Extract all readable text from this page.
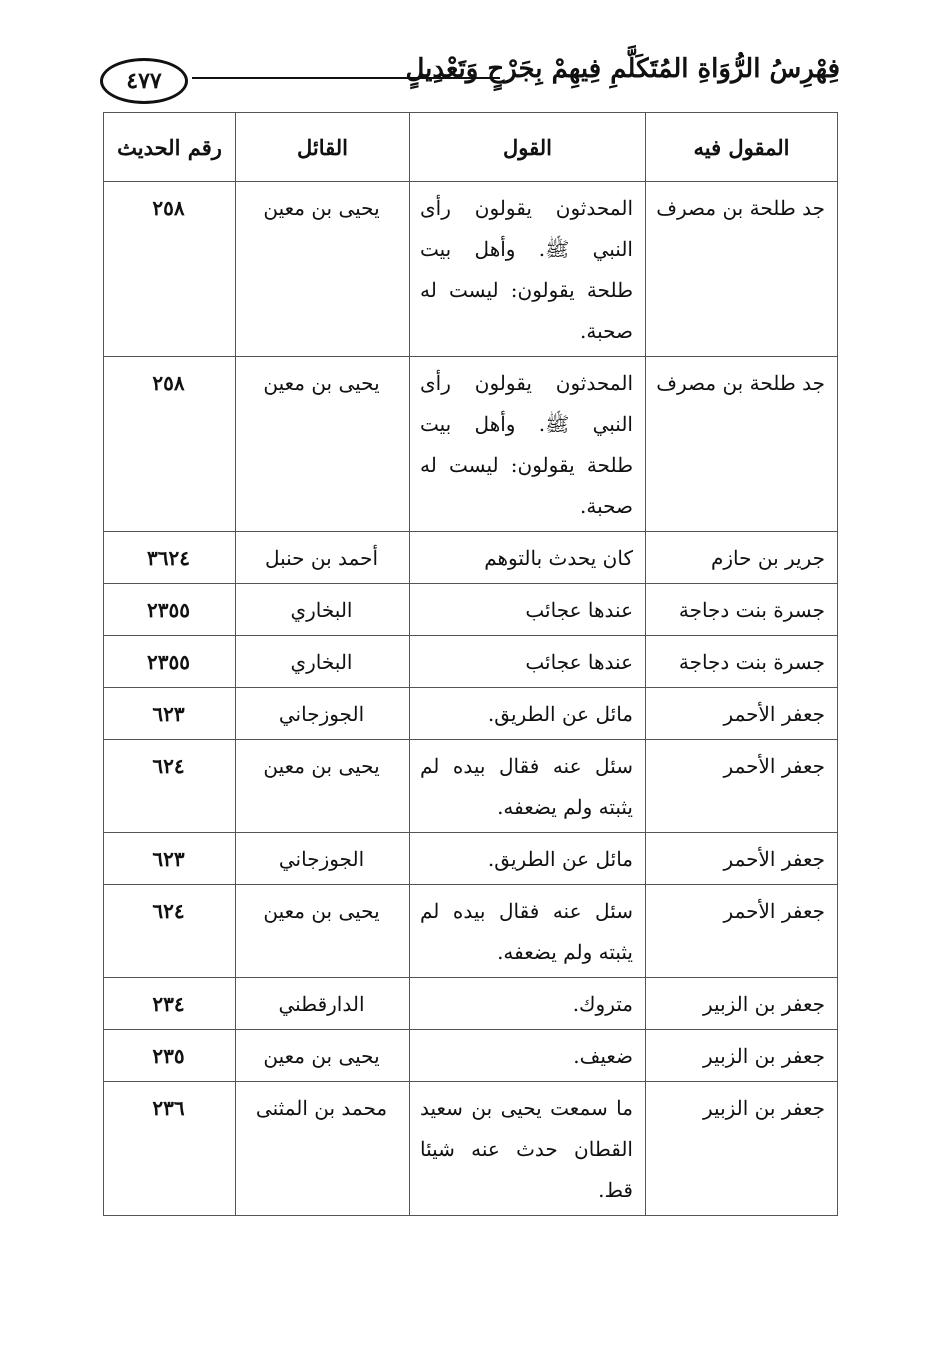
٤٧٧	فِهْرِسُ الرُّوَاةِ المُتَكَلَّمِ فِيهِمْ بِجَرْحٍ وَتَعْدِيلٍ
المقول فيه	القول	القائل	رقم الحديث
جد طلحة بن مصرف	المحدثون يقولون رأى النبي ﷺ. وأهل بيت طلحة يقولون: ليست له صحبة.	يحيى بن معين	٢٥٨
جد طلحة بن مصرف	المحدثون يقولون رأى النبي ﷺ. وأهل بيت طلحة يقولون: ليست له صحبة.	يحيى بن معين	٢٥٨
جرير بن حازم	كان يحدث بالتوهم	أحمد بن حنبل	٣٦٢٤
جسرة بنت دجاجة	عندها عجائب	البخاري	٢٣٥٥
جسرة بنت دجاجة	عندها عجائب	البخاري	٢٣٥٥
جعفر الأحمر	مائل عن الطريق.	الجوزجاني	٦٢٣
جعفر الأحمر	سئل عنه فقال بيده لم يثبته ولم يضعفه.	يحيى بن معين	٦٢٤
جعفر الأحمر	مائل عن الطريق.	الجوزجاني	٦٢٣
جعفر الأحمر	سئل عنه فقال بيده لم يثبته ولم يضعفه.	يحيى بن معين	٦٢٤
جعفر بن الزبير	متروك.	الدارقطني	٢٣٤
جعفر بن الزبير	ضعيف.	يحيى بن معين	٢٣٥
جعفر بن الزبير	ما سمعت يحيى بن سعيد القطان حدث عنه شيئا قط.	محمد بن المثنى	٢٣٦
